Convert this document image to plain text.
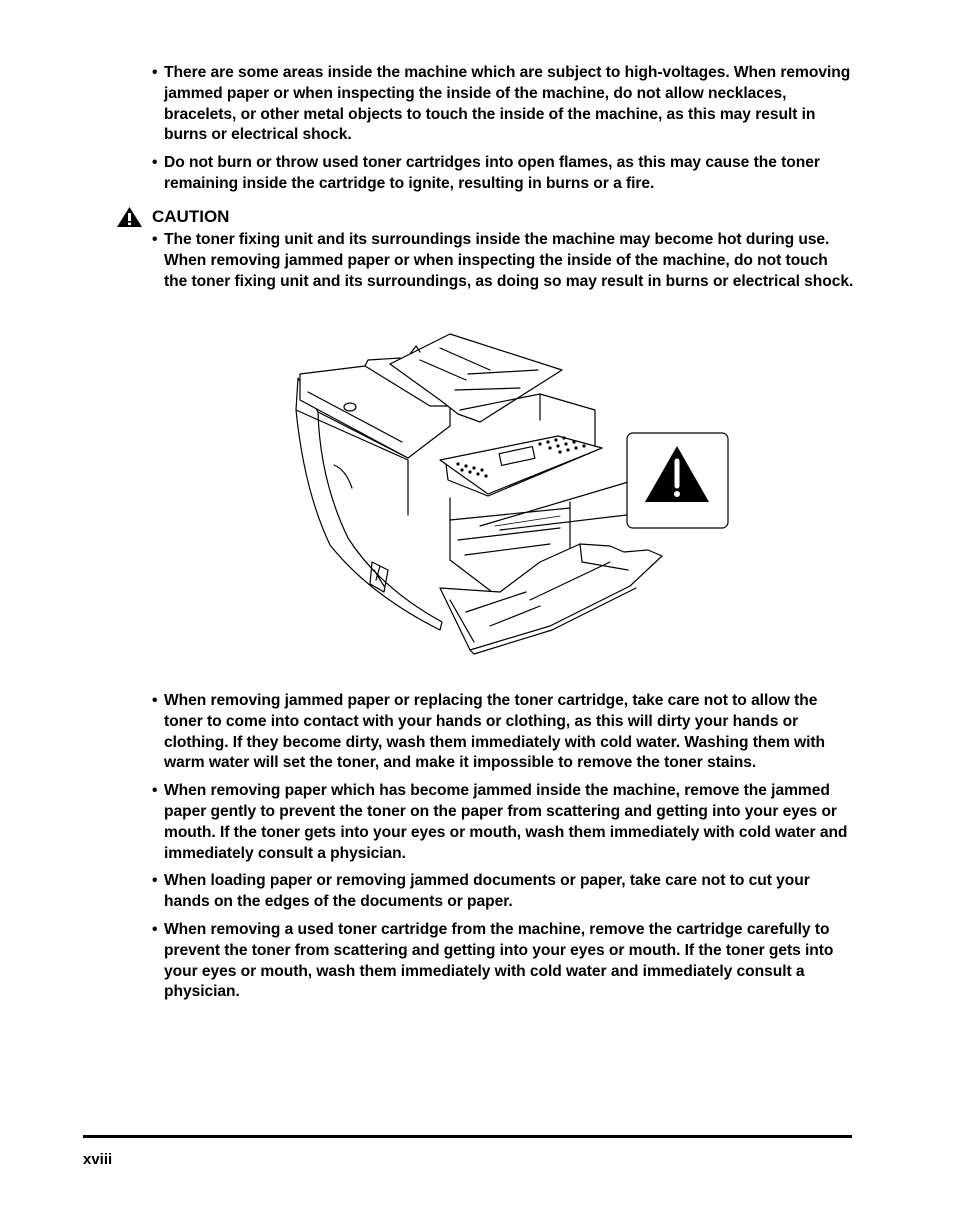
• There are some areas inside the machine which are subject to high-voltages. When removing jammed paper or when inspecting the inside of the machine, do not allow necklaces, bracelets, or other metal objects to touch the inside of the machine, as this may result in burns or electrical shock.
• Do not burn or throw used toner cartridges into open flames, as this may cause the toner remaining inside the cartridge to ignite, resulting in burns or a fire.
CAUTION
• The toner fixing unit and its surroundings inside the machine may become hot during use. When removing jammed paper or when inspecting the inside of the machine, do not touch the toner fixing unit and its surroundings, as doing so may result in burns or electrical shock.
• When removing jammed paper or replacing the toner cartridge, take care not to allow the toner to come into contact with your hands or clothing, as this will dirty your hands or clothing. If they become dirty, wash them immediately with cold water. Washing them with warm water will set the toner, and make it impossible to remove the toner stains.
• When removing paper which has become jammed inside the machine, remove the jammed paper gently to prevent the toner on the paper from scattering and getting into your eyes or mouth. If the toner gets into your eyes or mouth, wash them immediately with cold water and immediately consult a physician.
• When loading paper or removing jammed documents or paper, take care not to cut your hands on the edges of the documents or paper.
• When removing a used toner cartridge from the machine, remove the cartridge carefully to prevent the toner from scattering and getting into your eyes or mouth. If the toner gets into your eyes or mouth, wash them immediately with cold water and immediately consult a physician.
xviii
